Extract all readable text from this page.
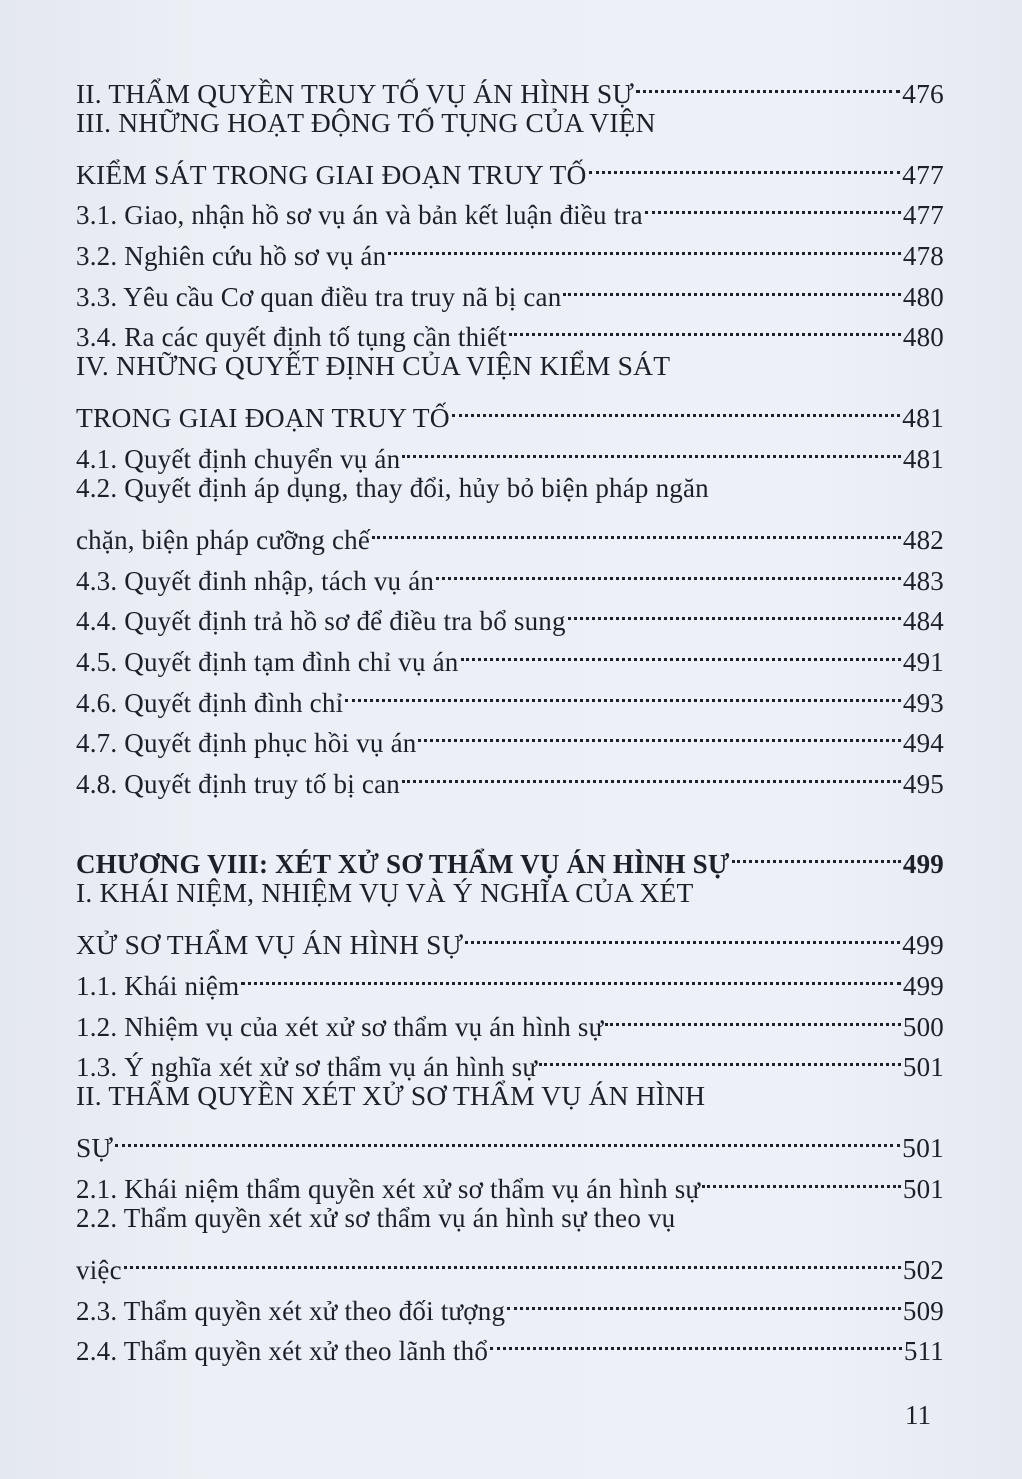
II. THẨM QUYỀN TRUY TỐ VỤ ÁN HÌNH SỰ	476
III. NHỮNG HOẠT ĐỘNG TỐ TỤNG CỦA VIỆN
KIỂM SÁT TRONG GIAI ĐOẠN TRUY TỐ	477
3.1. Giao, nhận hồ sơ vụ án và bản kết luận điều tra	477
3.2. Nghiên cứu hồ sơ vụ án	478
3.3. Yêu cầu Cơ quan điều tra truy nã bị can	480
3.4. Ra các quyết định tố tụng cần thiết	480
IV. NHỮNG QUYẾT ĐỊNH CỦA VIỆN KIỂM SÁT
TRONG GIAI ĐOẠN TRUY TỐ	481
4.1. Quyết định chuyển vụ án	481
4.2. Quyết định áp dụng, thay đổi, hủy bỏ biện pháp ngăn
chặn, biện pháp cưỡng chế	482
4.3. Quyết đinh nhập, tách vụ án	483
4.4. Quyết định trả hồ sơ để điều tra bổ sung	484
4.5. Quyết định tạm đình chỉ vụ án	491
4.6. Quyết định đình chỉ	493
4.7. Quyết định phục hồi vụ án	494
4.8. Quyết định truy tố bị can	495
CHƯƠNG VIII: XÉT XỬ SƠ THẨM VỤ ÁN HÌNH SỰ	499
I. KHÁI NIỆM, NHIỆM VỤ VÀ Ý NGHĨA CỦA XÉT
XỬ SƠ THẨM VỤ ÁN HÌNH SỰ	499
1.1. Khái niệm	499
1.2. Nhiệm vụ của xét xử sơ thẩm vụ án hình sự	500
1.3. Ý nghĩa xét xử sơ thẩm vụ án hình sự	501
II. THẨM QUYỀN XÉT XỬ SƠ THẨM VỤ ÁN HÌNH
SỰ	501
2.1. Khái niệm thẩm quyền xét xử sơ thẩm vụ án hình sự	501
2.2. Thẩm quyền xét xử sơ thẩm vụ án hình sự theo vụ
việc	502
2.3. Thẩm quyền xét xử theo đối tượng	509
2.4. Thẩm quyền xét xử theo lãnh thổ	511
11
